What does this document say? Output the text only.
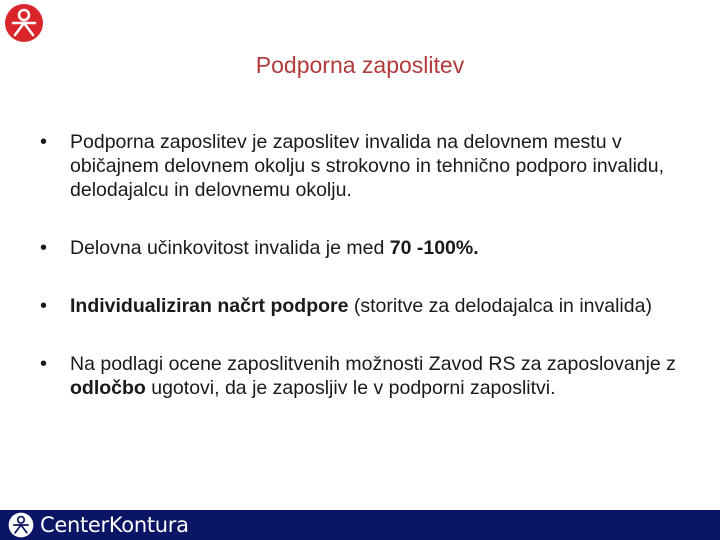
Podporna zaposlitev
• Podporna zaposlitev je zaposlitev invalida na delovnem mestu v običajnem delovnem okolju s strokovno in tehnično podporo invalidu, delodajalcu in delovnemu okolju.
• Delovna učinkovitost invalida je med 70 -100%.
• Individualiziran načrt podpore (storitve za delodajalca in invalida)
• Na podlagi ocene zaposlitvenih možnosti Zavod RS za zaposlovanje z odločbo ugotovi, da je zaposljiv le v podporni zaposlitvi.
CenterKontura
